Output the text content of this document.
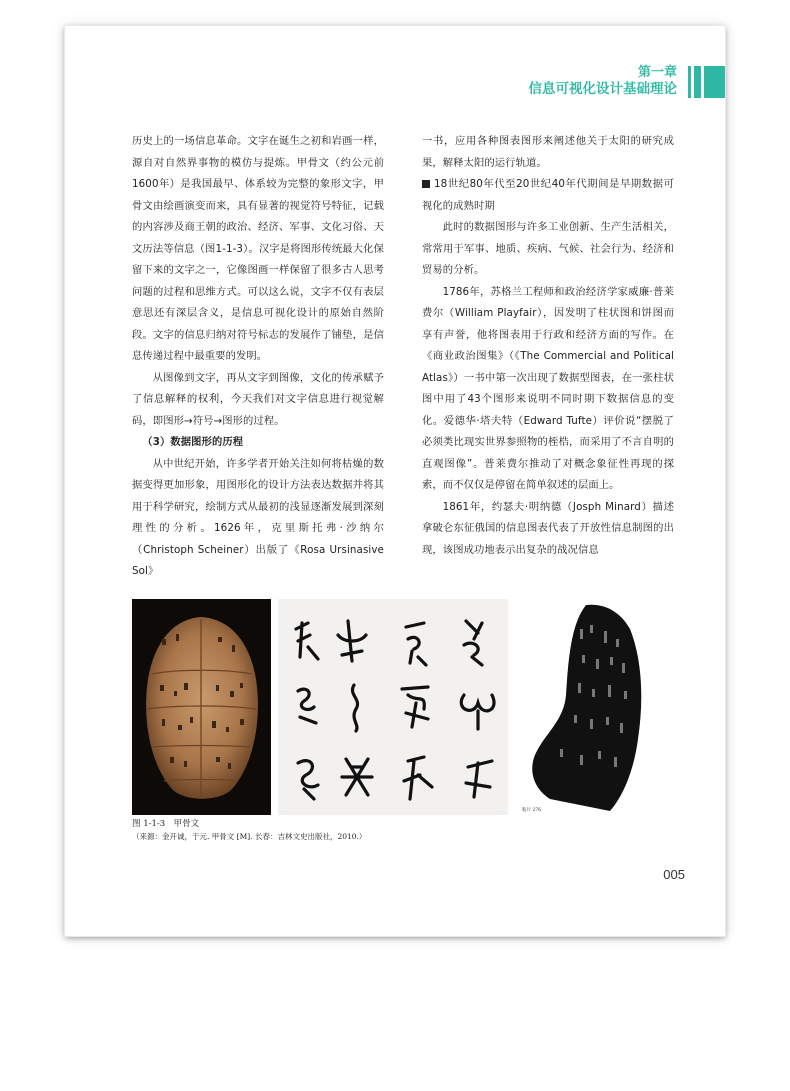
第一章
信息可视化设计基础理论

历史上的一场信息革命。文字在诞生之初和岩画一样，源自对自然界事物的模仿与提炼。甲骨文（约公元前1600年）是我国最早、体系较为完整的象形文字，甲骨文由绘画演变而来，具有显著的视觉符号特征，记载的内容涉及商王朝的政治、经济、军事、文化习俗、天文历法等信息（图1-1-3）。汉字是将图形传统最大化保留下来的文字之一，它像图画一样保留了很多古人思考问题的过程和思维方式。可以这么说，文字不仅有表层意思还有深层含义，是信息可视化设计的原始自然阶段。文字的信息归纳对符号标志的发展作了铺垫，是信息传递过程中最重要的发明。

从图像到文字，再从文字到图像，文化的传承赋予了信息解释的权利，今天我们对文字信息进行视觉解码，即图形→符号→图形的过程。

（3）数据图形的历程

从中世纪开始，许多学者开始关注如何将枯燥的数据变得更加形象，用图形化的设计方法表达数据并将其用于科学研究，绘制方式从最初的浅显逐渐发展到深刻理性的分析。1626年，克里斯托弗·沙纳尔（Christoph Scheiner）出版了《Rosa Ursinasive Sol》

一书，应用各种图表图形来阐述他关于太阳的研究成果，解释太阳的运行轨道。

18世纪80年代至20世纪40年代期间是早期数据可视化的成熟时期

此时的数据图形与许多工业创新、生产生活相关，常常用于军事、地质、疾病、气候、社会行为、经济和贸易的分析。

1786年，苏格兰工程师和政治经济学家威廉·普莱费尔（William Playfair），因发明了柱状图和饼图而享有声誉，他将图表用于行政和经济方面的写作。在《商业政治图集》（《The Commercial and Political Atlas》）一书中第一次出现了数据型图表，在一张柱状图中用了43个图形来说明不同时期下数据信息的变化。爱德华·塔夫特（Edward Tufte）评价说“摆脱了必须类比现实世界参照物的桎梏，而采用了不言自明的直观图像”。普莱费尔推动了对概念象征性再现的探索，而不仅仅是停留在简单叙述的层面上。

1861年，约瑟夫·明纳德（Josph Minard）描述拿破仑东征俄国的信息图表代表了开放性信息制图的出现，该图成功地表示出复杂的战况信息

粘片 276
图 1-1-3　甲骨文
（来源：金开诚，于元. 甲骨文 [M]. 长春：吉林文史出版社，2010.）
005
